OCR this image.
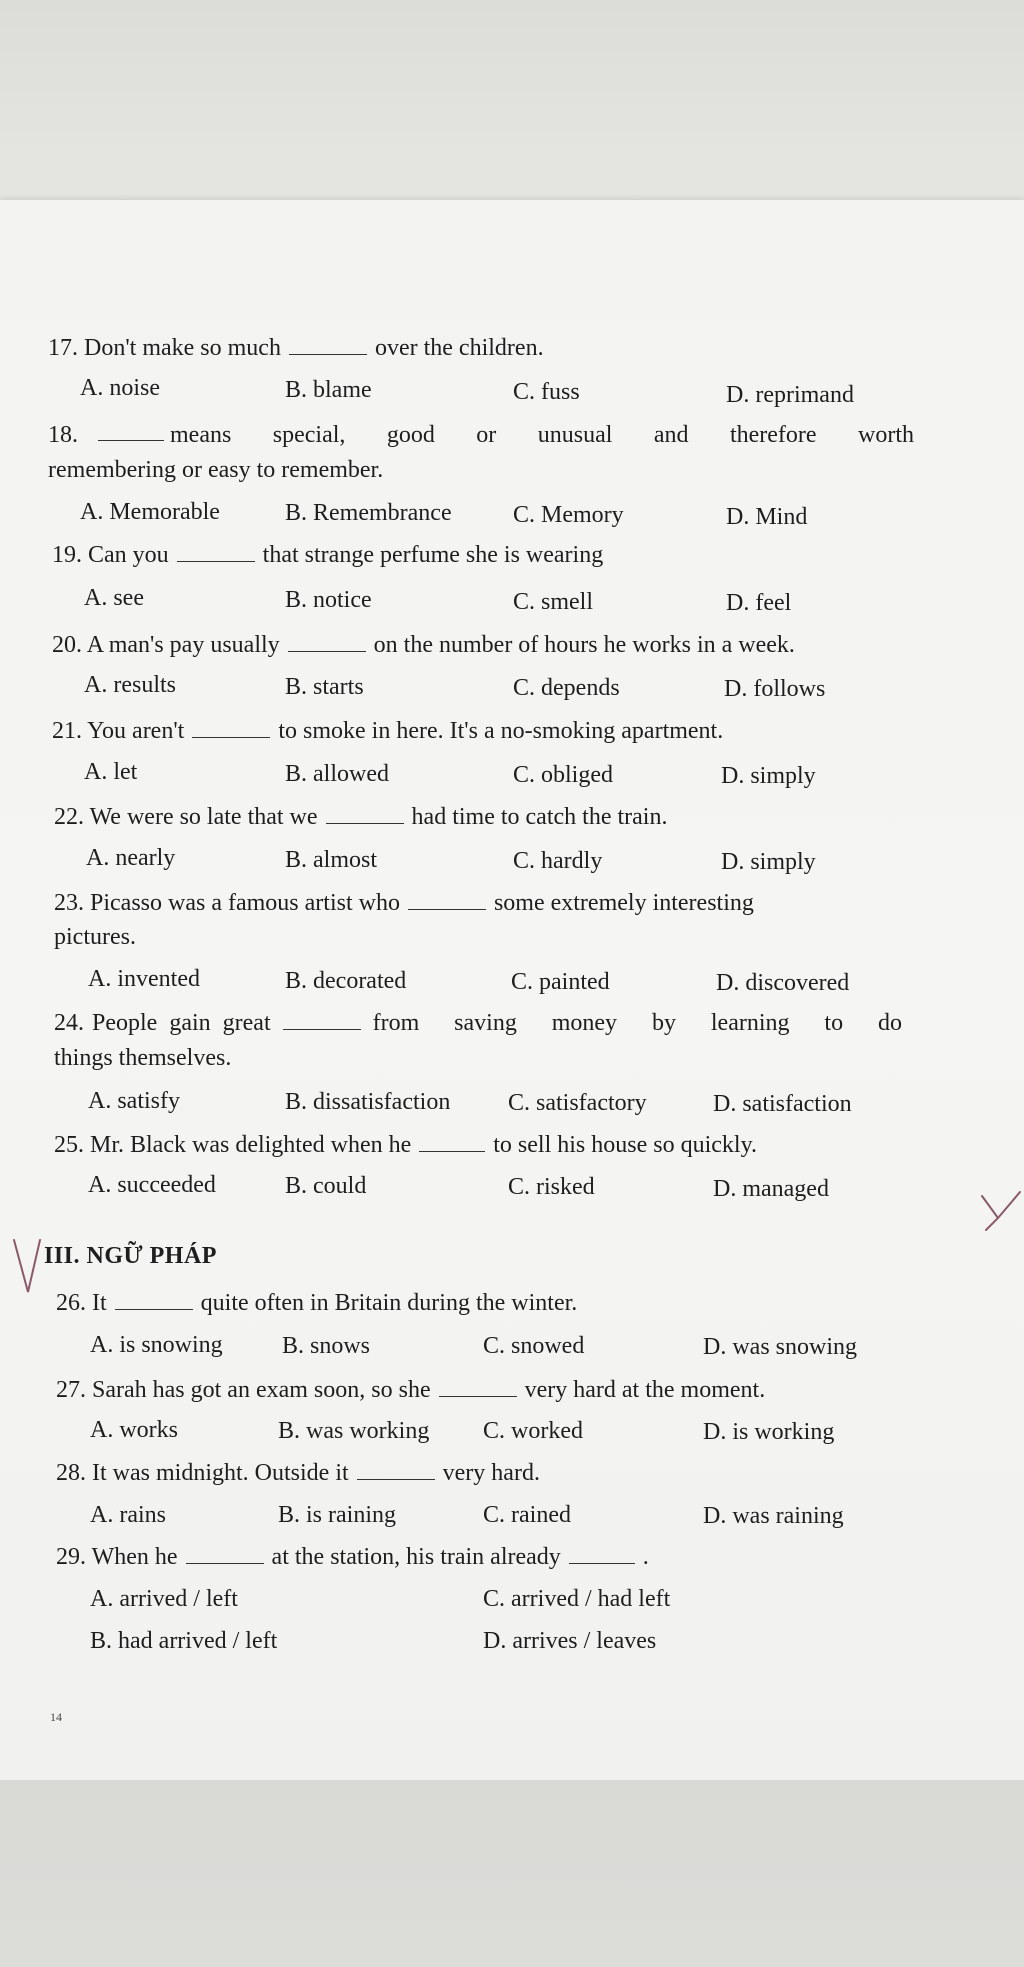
17. Don't make so much	over the children.
A. noise	B. blame	C. fuss	D. reprimand
18.	means special, good or unusual and therefore worth
remembering or easy to remember.
A. Memorable	B. Remembrance	C. Memory	D. Mind
19. Can you	that strange perfume she is wearing
A. see	B. notice	C. smell	D. feel
20. A man's pay usually	on the number of hours he works in a week.
A. results	B. starts	C. depends	D. follows
21. You aren't	to smoke in here. It's a no-smoking apartment.
A. let	B. allowed	C. obliged	D. simply
22. We were so late that we	had time to catch the train.
A. nearly	B. almost	C. hardly	D. simply
23. Picasso was a famous artist who	some extremely interesting
pictures.
A. invented	B. decorated	C. painted	D. discovered
24. People gain great	from saving money by learning to do
things themselves.
A. satisfy	B. dissatisfaction C. satisfactory	D. satisfaction
25. Mr. Black was delighted when he	to sell his house so quickly.
A. succeeded	B. could	C. risked	D. managed
III. NGỮ PHÁP
26. It	quite often in Britain during the winter.
A. is snowing B. snows	C. snowed	D. was snowing
27. Sarah has got an exam soon, so she	very hard at the moment.
A. works	B. was working C. worked	D. is working
28. It was midnight. Outside it	very hard.
A. rains	B. is raining	C. rained	D. was raining
29. When he	at the station, his train already	.
A. arrived / left	C. arrived / had left
B. had arrived / left	D. arrives / leaves
14
